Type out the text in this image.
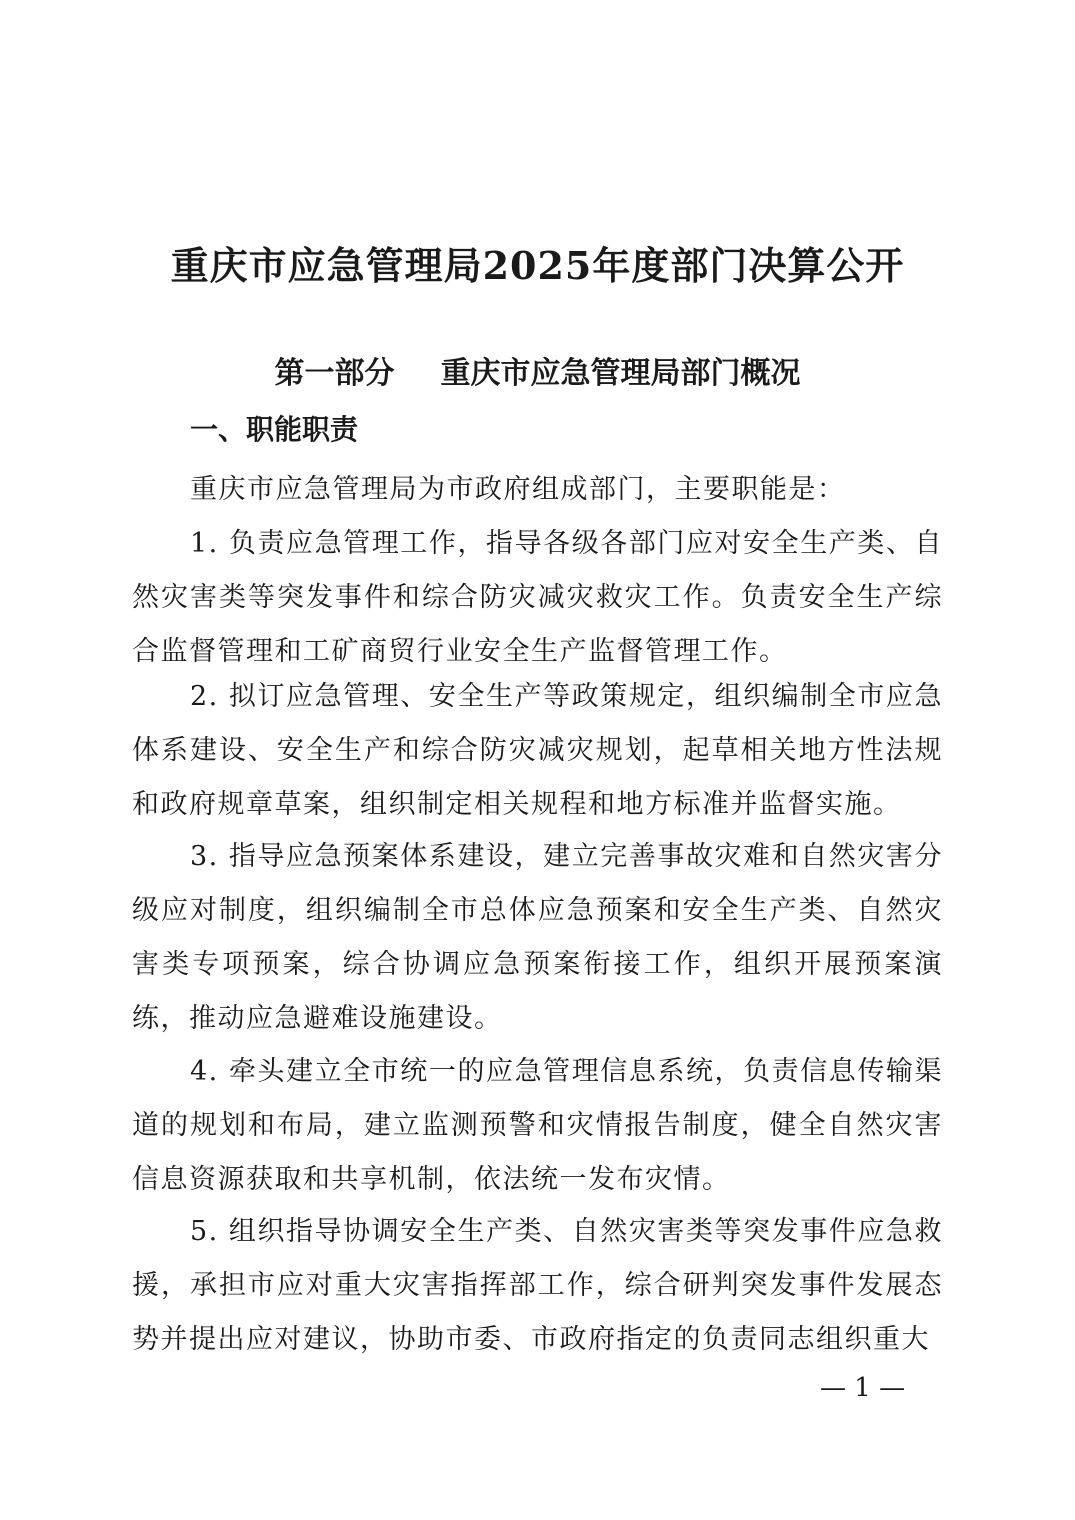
重庆市应急管理局2025年度部门决算公开
第一部分 重庆市应急管理局部门概况
一、职能职责

重庆市应急管理局为市政府组成部门，主要职能是：

1. 负责应急管理工作，指导各级各部门应对安全生产类、自然灾害类等突发事件和综合防灾减灾救灾工作。负责安全生产综合监督管理和工矿商贸行业安全生产监督管理工作。

2. 拟订应急管理、安全生产等政策规定，组织编制全市应急体系建设、安全生产和综合防灾减灾规划，起草相关地方性法规和政府规章草案，组织制定相关规程和地方标准并监督实施。

3. 指导应急预案体系建设，建立完善事故灾难和自然灾害分级应对制度，组织编制全市总体应急预案和安全生产类、自然灾害类专项预案，综合协调应急预案衔接工作，组织开展预案演练，推动应急避难设施建设。

4. 牵头建立全市统一的应急管理信息系统，负责信息传输渠道的规划和布局，建立监测预警和灾情报告制度，健全自然灾害信息资源获取和共享机制，依法统一发布灾情。

5. 组织指导协调安全生产类、自然灾害类等突发事件应急救援，承担市应对重大灾害指挥部工作，综合研判突发事件发展态势并提出应对建议，协助市委、市政府指定的负责同志组织重大

— 1 —
